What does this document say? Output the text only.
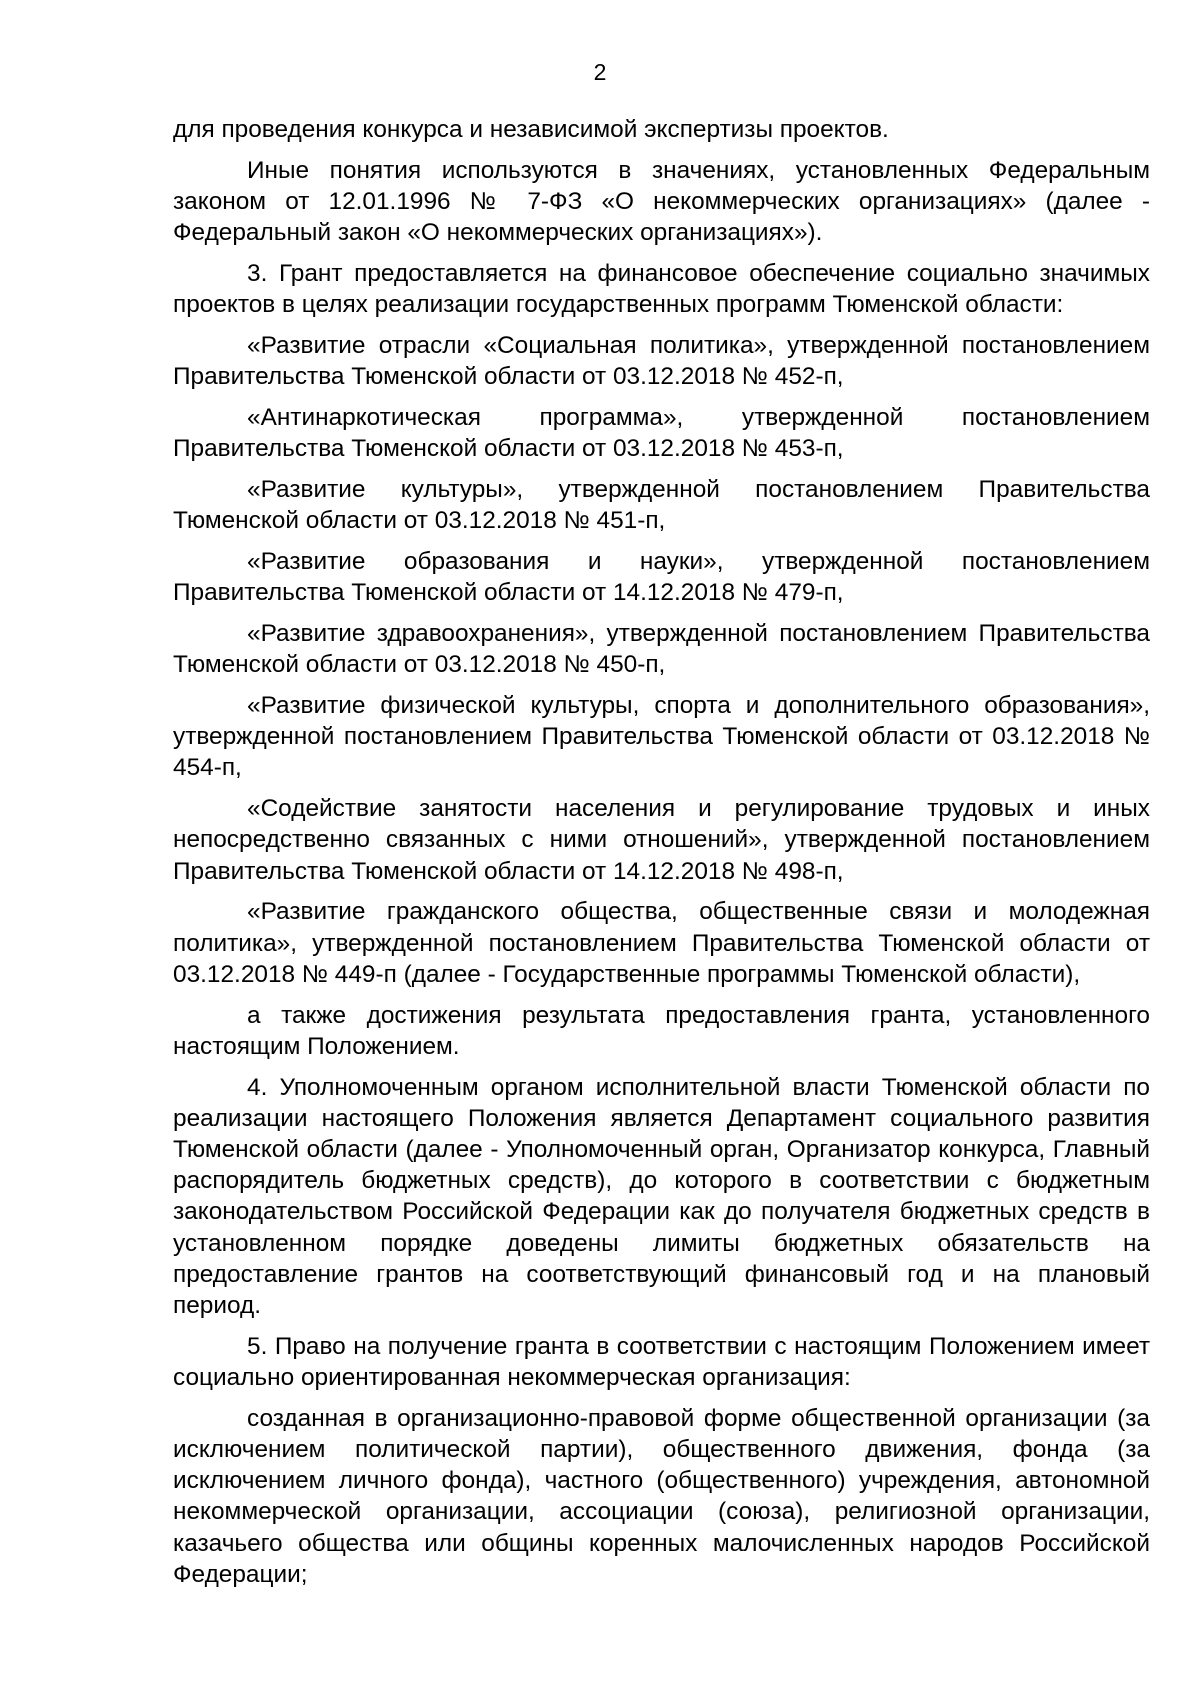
2

для проведения конкурса и независимой экспертизы проектов.

Иные понятия используются в значениях, установленных Федеральным законом от 12.01.1996 № 7-ФЗ «О некоммерческих организациях» (далее - Федеральный закон «О некоммерческих организациях»).

3. Грант предоставляется на финансовое обеспечение социально значимых проектов в целях реализации государственных программ Тюменской области:

«Развитие отрасли «Социальная политика», утвержденной постановлением Правительства Тюменской области от 03.12.2018 № 452-п,

«Антинаркотическая программа», утвержденной постановлением Правительства Тюменской области от 03.12.2018 № 453-п,

«Развитие культуры», утвержденной постановлением Правительства Тюменской области от 03.12.2018 № 451-п,

«Развитие образования и науки», утвержденной постановлением Правительства Тюменской области от 14.12.2018 № 479-п,

«Развитие здравоохранения», утвержденной постановлением Правительства Тюменской области от 03.12.2018 № 450-п,

«Развитие физической культуры, спорта и дополнительного образования», утвержденной постановлением Правительства Тюменской области от 03.12.2018 № 454-п,

«Содействие занятости населения и регулирование трудовых и иных непосредственно связанных с ними отношений», утвержденной постановлением Правительства Тюменской области от 14.12.2018 № 498-п,

«Развитие гражданского общества, общественные связи и молодежная политика», утвержденной постановлением Правительства Тюменской области от 03.12.2018 № 449-п (далее - Государственные программы Тюменской области),

а также достижения результата предоставления гранта, установленного настоящим Положением.

4. Уполномоченным органом исполнительной власти Тюменской области по реализации настоящего Положения является Департамент социального развития Тюменской области (далее - Уполномоченный орган, Организатор конкурса, Главный распорядитель бюджетных средств), до которого в соответствии с бюджетным законодательством Российской Федерации как до получателя бюджетных средств в установленном порядке доведены лимиты бюджетных обязательств на предоставление грантов на соответствующий финансовый год и на плановый период.

5. Право на получение гранта в соответствии с настоящим Положением имеет социально ориентированная некоммерческая организация:

созданная в организационно-правовой форме общественной организации (за исключением политической партии), общественного движения, фонда (за исключением личного фонда), частного (общественного) учреждения, автономной некоммерческой организации, ассоциации (союза), религиозной организации, казачьего общества или общины коренных малочисленных народов Российской Федерации;
